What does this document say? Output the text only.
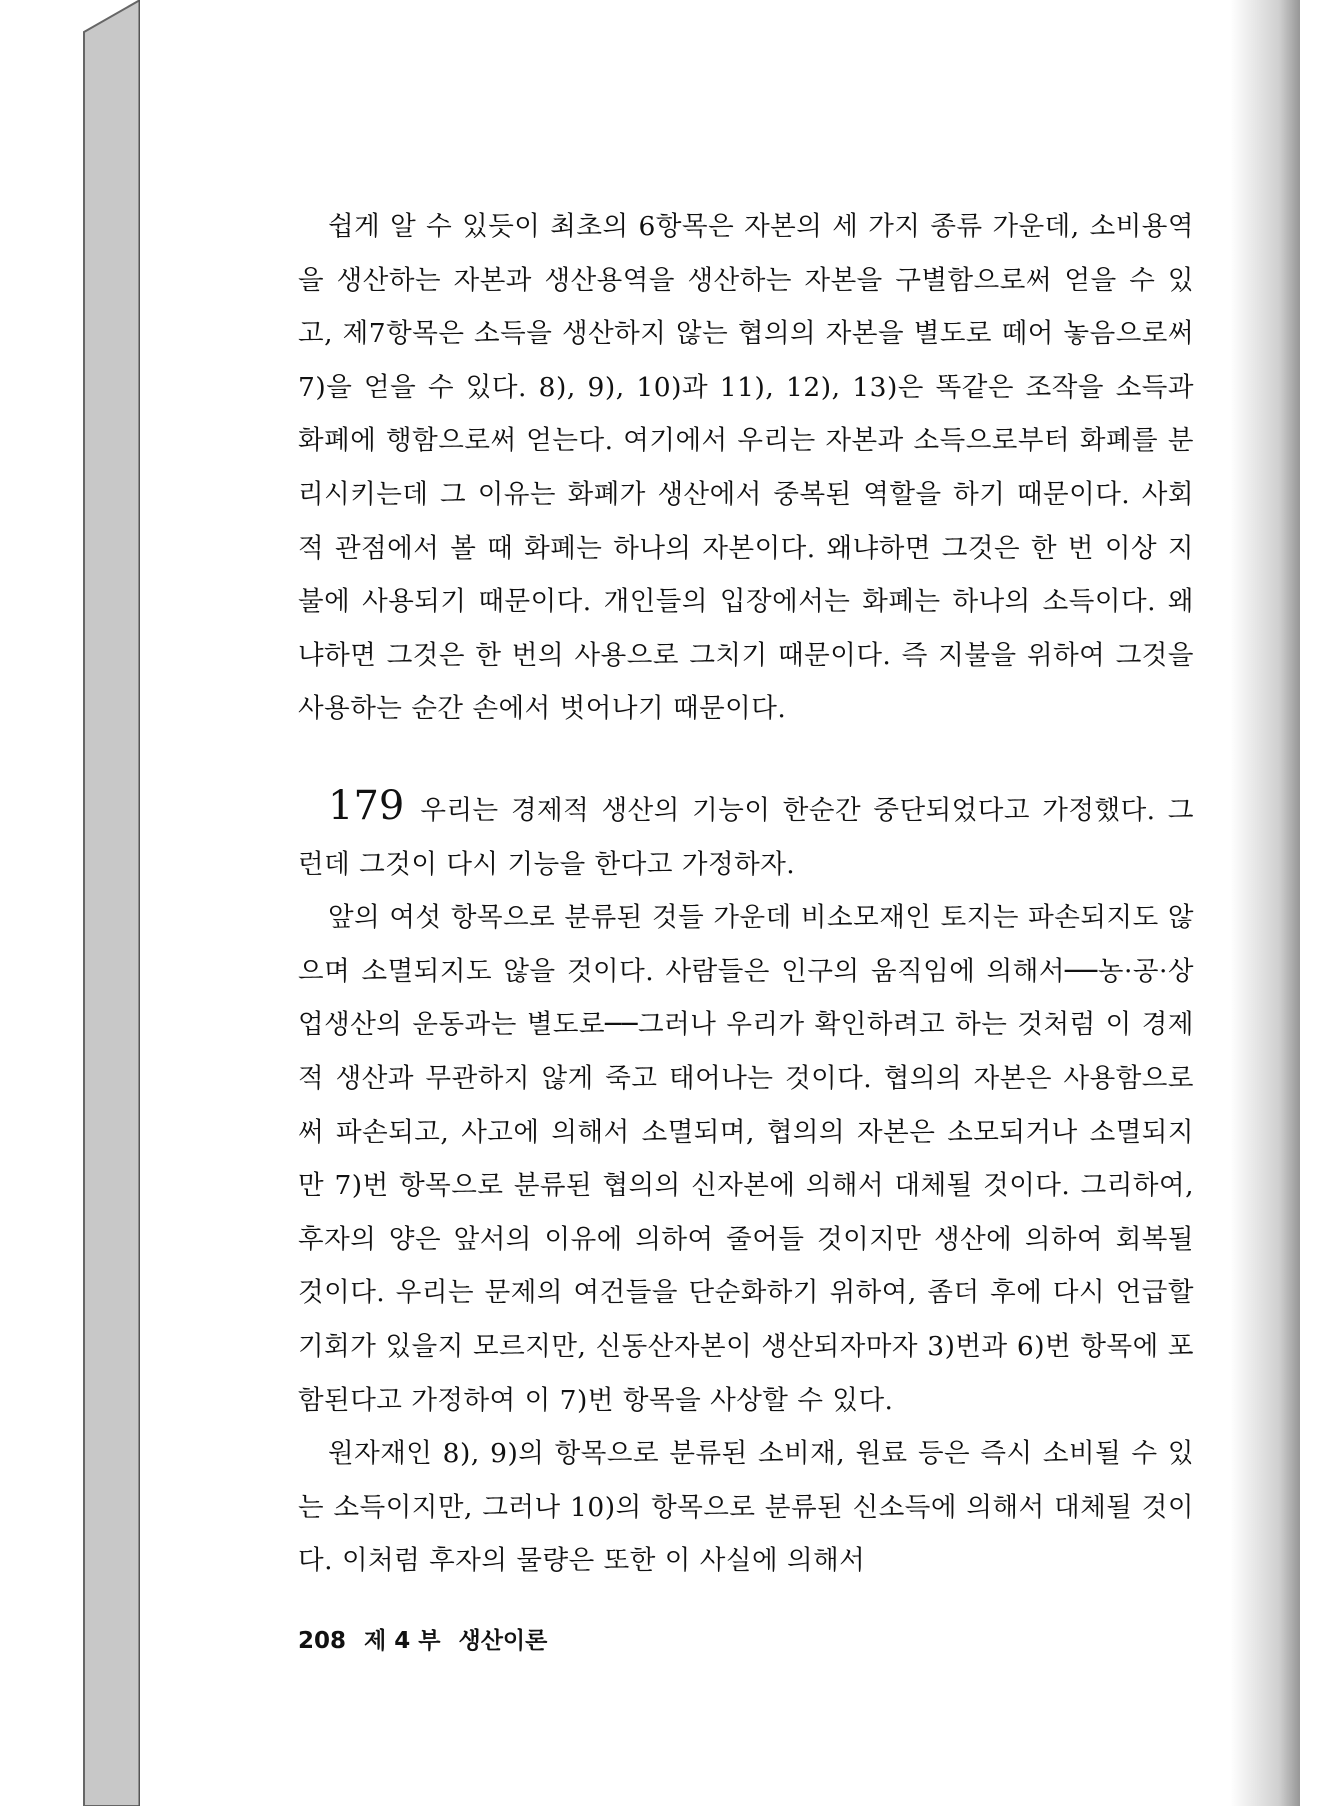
쉽게 알 수 있듯이 최초의 6항목은 자본의 세 가지 종류 가운데, 소비용역을 생산하는 자본과 생산용역을 생산하는 자본을 구별함으로써 얻을 수 있고, 제7항목은 소득을 생산하지 않는 협의의 자본을 별도로 떼어 놓음으로써 7)을 얻을 수 있다. 8), 9), 10)과 11), 12), 13)은 똑같은 조작을 소득과 화폐에 행함으로써 얻는다. 여기에서 우리는 자본과 소득으로부터 화폐를 분리시키는데 그 이유는 화폐가 생산에서 중복된 역할을 하기 때문이다. 사회적 관점에서 볼 때 화폐는 하나의 자본이다. 왜냐하면 그것은 한 번 이상 지불에 사용되기 때문이다. 개인들의 입장에서는 화폐는 하나의 소득이다. 왜냐하면 그것은 한 번의 사용으로 그치기 때문이다. 즉 지불을 위하여 그것을 사용하는 순간 손에서 벗어나기 때문이다.

179 우리는 경제적 생산의 기능이 한순간 중단되었다고 가정했다. 그런데 그것이 다시 기능을 한다고 가정하자.

앞의 여섯 항목으로 분류된 것들 가운데 비소모재인 토지는 파손되지도 않으며 소멸되지도 않을 것이다. 사람들은 인구의 움직임에 의해서──농·공·상업생산의 운동과는 별도로──그러나 우리가 확인하려고 하는 것처럼 이 경제적 생산과 무관하지 않게 죽고 태어나는 것이다. 협의의 자본은 사용함으로써 파손되고, 사고에 의해서 소멸되며, 협의의 자본은 소모되거나 소멸되지만 7)번 항목으로 분류된 협의의 신자본에 의해서 대체될 것이다. 그리하여, 후자의 양은 앞서의 이유에 의하여 줄어들 것이지만 생산에 의하여 회복될 것이다. 우리는 문제의 여건들을 단순화하기 위하여, 좀더 후에 다시 언급할 기회가 있을지 모르지만, 신동산자본이 생산되자마자 3)번과 6)번 항목에 포함된다고 가정하여 이 7)번 항목을 사상할 수 있다.

원자재인 8), 9)의 항목으로 분류된 소비재, 원료 등은 즉시 소비될 수 있는 소득이지만, 그러나 10)의 항목으로 분류된 신소득에 의해서 대체될 것이다. 이처럼 후자의 물량은 또한 이 사실에 의해서

208 제 4 부 생산이론
